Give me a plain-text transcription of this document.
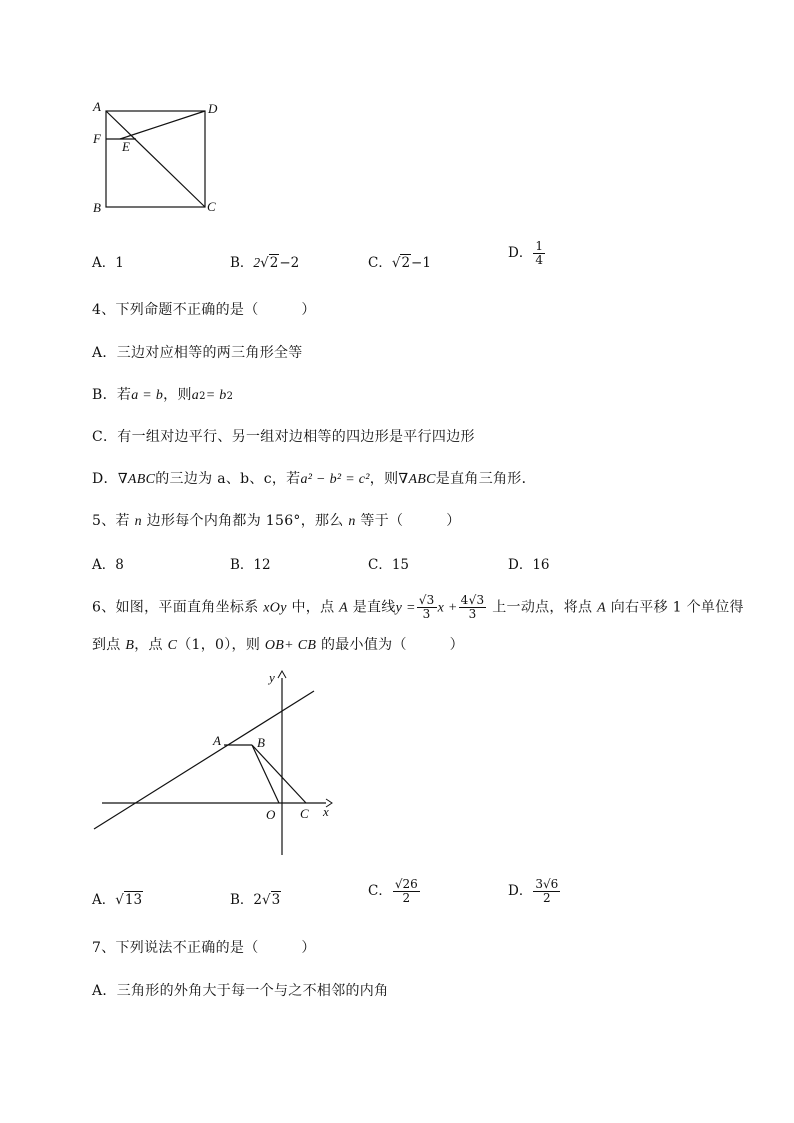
A	D
F
E
B	C
A．1	B．2√2−2	C．√2−1
D． $\frac{1}{4}$
4、下列命题不正确的是（　　　）
A．三边对应相等的两三角形全等
B．若a = b，则a2= b2
C．有一组对边平行、另一组对边相等的四边形是平行四边形
D．∇ABC的三边为 a、b、c，若a² − b² = c²，则∇ABC是直角三角形．
5、若 n 边形每个内角都为 156°，那么 n 等于（　　　）
A．8	B．12	C．15	D．16
6、如图，平面直角坐标系 xOy 中，点 A 是直线$y = \frac{√3}{3}$ $x + \frac{4√3}{3}$ 上一动点，将点 A 向右平移 1 个单位得
到点 B，点 C（1，0），则 OB+ CB 的最小值为（　　　）
y
x
A	B
O C
A．√13	B．2√3
C． $\frac{√26}{2}$	D． $\frac{3√6}{2}$
7、下列说法不正确的是（　　　）
A．三角形的外角大于每一个与之不相邻的内角
